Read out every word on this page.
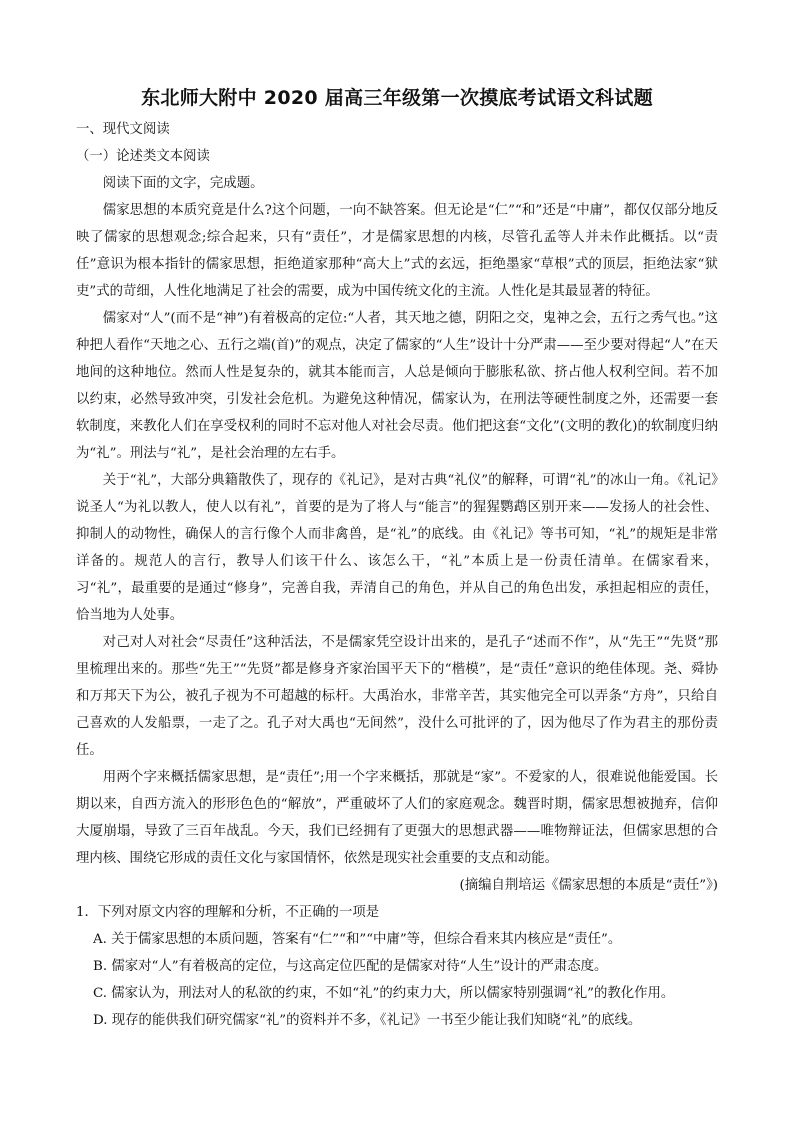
东北师大附中 2020 届高三年级第一次摸底考试语文科试题

一、现代文阅读

（一）论述类文本阅读

阅读下面的文字，完成题。

儒家思想的本质究竟是什么?这个问题，一向不缺答案。但无论是“仁”“和”还是“中庸”，都仅仅部分地反映了儒家的思想观念;综合起来，只有“责任”，才是儒家思想的内核，尽管孔孟等人并未作此概括。以“责任”意识为根本指针的儒家思想，拒绝道家那种“高大上”式的玄远，拒绝墨家“草根”式的顶层，拒绝法家“狱吏”式的苛细，人性化地满足了社会的需要，成为中国传统文化的主流。人性化是其最显著的特征。

儒家对“人”(而不是“神”)有着极高的定位:“人者，其天地之德，阴阳之交，鬼神之会，五行之秀气也。”这种把人看作“天地之心、五行之端(首)”的观点，决定了儒家的“人生”设计十分严肃——至少要对得起“人”在天地间的这种地位。然而人性是复杂的，就其本能而言，人总是倾向于膨胀私欲、挤占他人权利空间。若不加以约束，必然导致冲突，引发社会危机。为避免这种情况，儒家认为，在刑法等硬性制度之外，还需要一套软制度，来教化人们在享受权利的同时不忘对他人对社会尽责。他们把这套“文化”(文明的教化)的软制度归纳为“礼”。刑法与“礼”，是社会治理的左右手。

关于“礼”，大部分典籍散佚了，现存的《礼记》，是对古典“礼仪”的解释，可谓“礼”的冰山一角。《礼记》说圣人“为礼以教人，使人以有礼”，首要的是为了将人与“能言”的猩猩鹦鹉区别开来——发扬人的社会性、抑制人的动物性，确保人的言行像个人而非禽兽，是“礼”的底线。由《礼记》等书可知，“礼”的规矩是非常详备的。规范人的言行，教导人们该干什么、该怎么干，“礼”本质上是一份责任清单。在儒家看来，习“礼”，最重要的是通过“修身”，完善自我，弄清自己的角色，并从自己的角色出发，承担起相应的责任，恰当地为人处事。

对己对人对社会“尽责任”这种活法，不是儒家凭空设计出来的，是孔子“述而不作”，从“先王”“先贤”那里梳理出来的。那些“先王”“先贤”都是修身齐家治国平天下的“楷模”，是“责任”意识的绝佳体现。尧、舜协和万邦天下为公，被孔子视为不可超越的标杆。大禹治水，非常辛苦，其实他完全可以弄条“方舟”，只给自己喜欢的人发船票，一走了之。孔子对大禹也“无间然”，没什么可批评的了，因为他尽了作为君主的那份责任。

用两个字来概括儒家思想，是“责任”;用一个字来概括，那就是“家”。不爱家的人，很难说他能爱国。长期以来，自西方流入的形形色色的“解放”，严重破坏了人们的家庭观念。魏晋时期，儒家思想被抛弃，信仰大厦崩塌，导致了三百年战乱。今天，我们已经拥有了更强大的思想武器——唯物辩证法，但儒家思想的合理内核、围绕它形成的责任文化与家国情怀，依然是现实社会重要的支点和动能。

(摘编自荆培运《儒家思想的本质是“责任”》)

1．下列对原文内容的理解和分析，不正确的一项是

A. 关于儒家思想的本质问题，答案有“仁”“和”“中庸”等，但综合看来其内核应是“责任”。

B. 儒家对“人”有着极高的定位，与这高定位匹配的是儒家对待“人生”设计的严肃态度。

C. 儒家认为，刑法对人的私欲的约束，不如“礼”的约束力大，所以儒家特别强调“礼”的教化作用。

D. 现存的能供我们研究儒家“礼”的资料并不多，《礼记》一书至少能让我们知晓“礼”的底线。
